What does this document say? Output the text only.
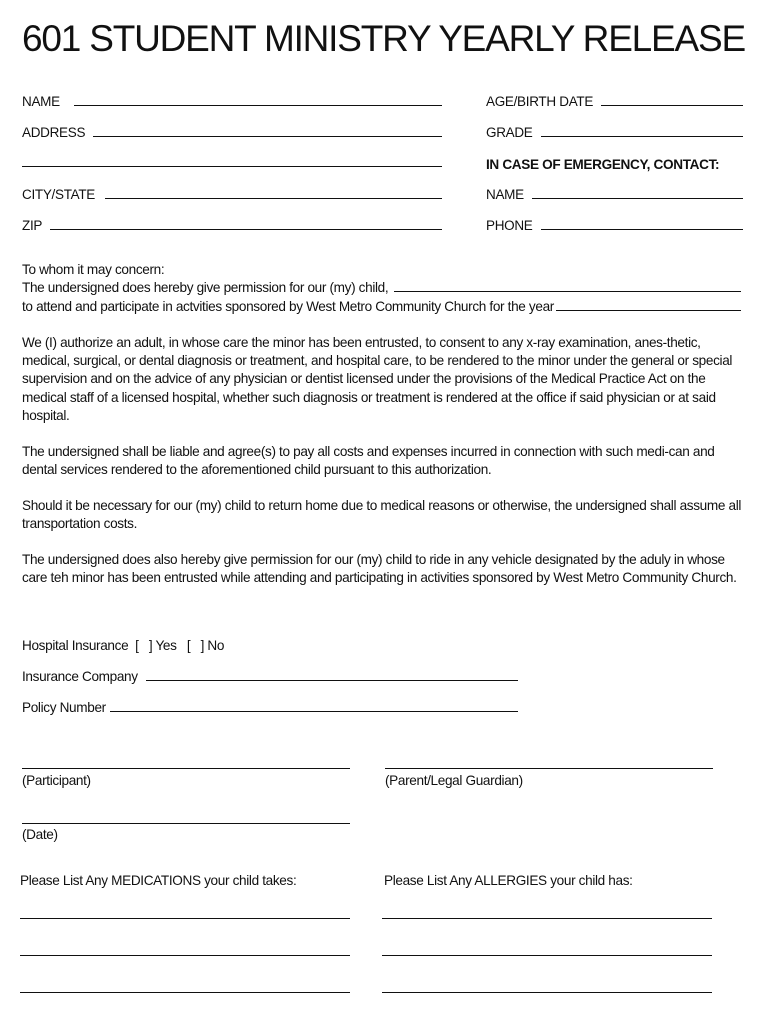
601 STUDENT MINISTRY YEARLY RELEASE
NAME
ADDRESS
CITY/STATE
ZIP
AGE/BIRTH DATE
GRADE
IN CASE OF EMERGENCY, CONTACT:
NAME
PHONE
To whom it may concern:
The undersigned does hereby give permission for our (my) child,
to attend and participate in actvities sponsored by West Metro Community Church for the year

We (I) authorize an adult, in whose care the minor has been entrusted, to consent to any x-ray examination, anes-thetic, medical, surgical, or dental diagnosis or treatment, and hospital care, to be rendered to the minor under the general or special supervision and on the advice of any physician or dentist licensed under the provisions of the Medical Practice Act on the medical staff of a licensed hospital, whether such diagnosis or treatment is rendered at the office if said physician or at said hospital.

The undersigned shall be liable and agree(s) to pay all costs and expenses incurred in connection with such medi-can and dental services rendered to the aforementioned child pursuant to this authorization.

Should it be necessary for our (my) child to return home due to medical reasons or otherwise, the undersigned shall assume all transportation costs.

The undersigned does also hereby give permission for our (my) child to ride in any vehicle designated by the aduly in whose care teh minor has been entrusted while attending and participating in activities sponsored by West Metro Community Church.

Hospital Insurance  [   ] Yes   [   ] No
Insurance Company
Policy Number
(Participant)	(Parent/Legal Guardian)
(Date)
Please List Any MEDICATIONS your child takes:	Please List Any ALLERGIES your child has:
